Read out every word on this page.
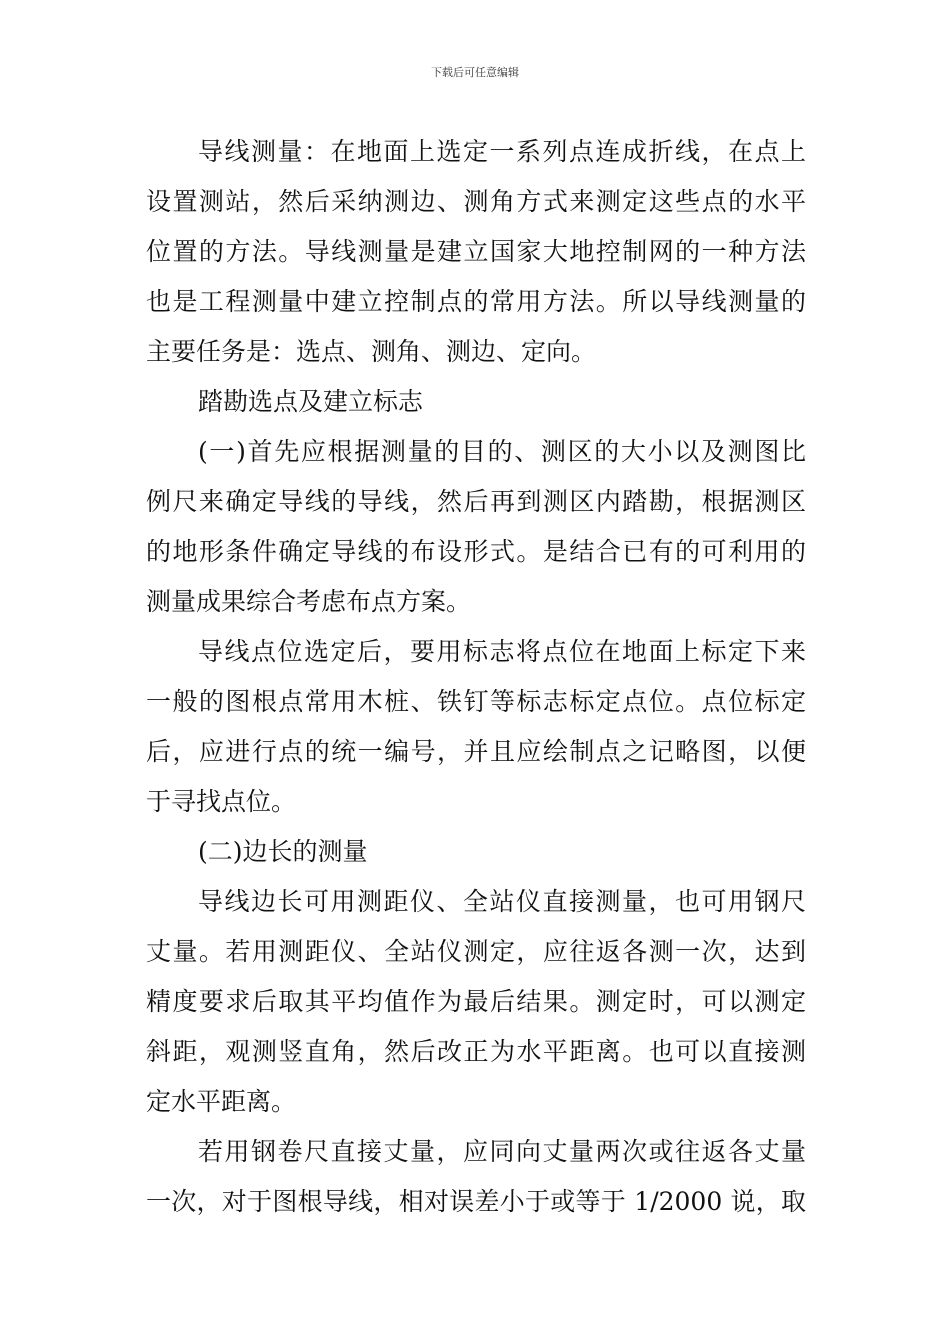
下载后可任意编辑
导线测量：在地面上选定一系列点连成折线，在点上
设置测站，然后采纳测边、测角方式来测定这些点的水平
位置的方法。导线测量是建立国家大地控制网的一种方法
也是工程测量中建立控制点的常用方法。所以导线测量的
主要任务是：选点、测角、测边、定向。
踏勘选点及建立标志
(一)首先应根据测量的目的、测区的大小以及测图比
例尺来确定导线的导线，然后再到测区内踏勘，根据测区
的地形条件确定导线的布设形式。是结合已有的可利用的
测量成果综合考虑布点方案。
导线点位选定后，要用标志将点位在地面上标定下来
一般的图根点常用木桩、铁钉等标志标定点位。点位标定
后，应进行点的统一编号，并且应绘制点之记略图，以便
于寻找点位。
(二)边长的测量
导线边长可用测距仪、全站仪直接测量，也可用钢尺
丈量。若用测距仪、全站仪测定，应往返各测一次，达到
精度要求后取其平均值作为最后结果。测定时，可以测定
斜距，观测竖直角，然后改正为水平距离。也可以直接测
定水平距离。
若用钢卷尺直接丈量，应同向丈量两次或往返各丈量
一次，对于图根导线，相对误差小于或等于 1/2000 说，取
